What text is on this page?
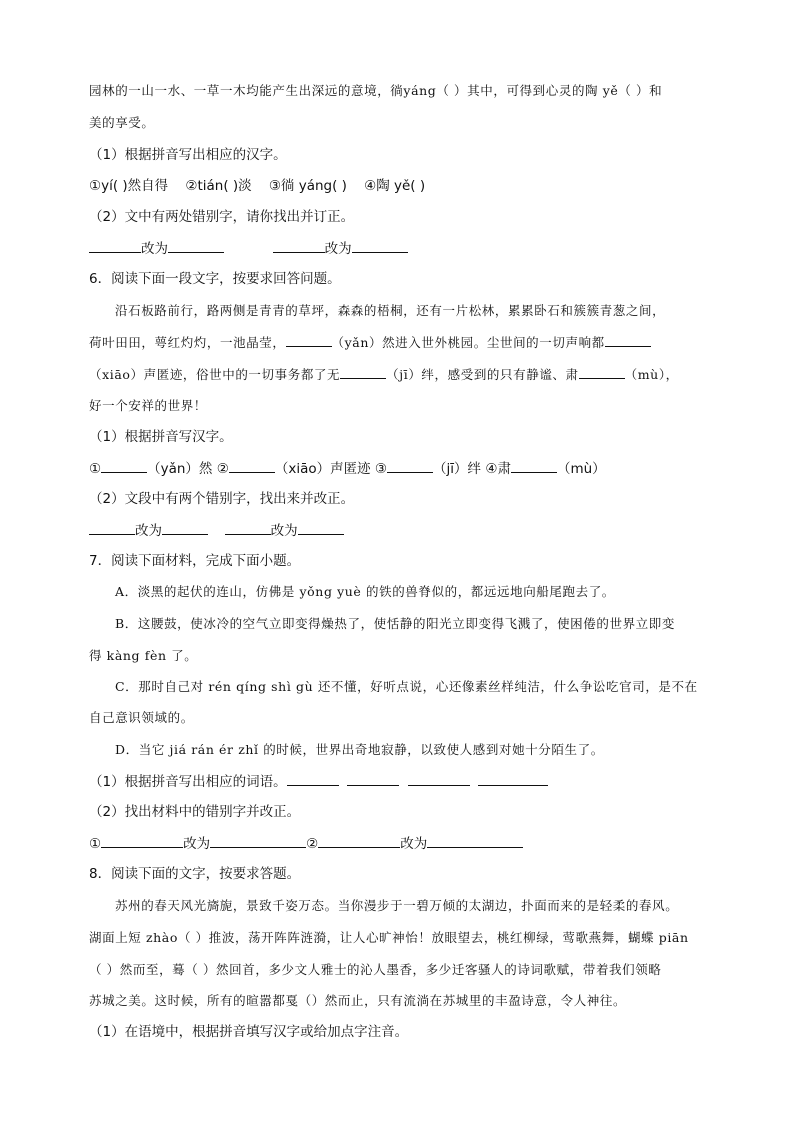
园林的一山一水、一草一木均能产生出深远的意境，徜yáng（ ）其中，可得到心灵的陶 yě（ ）和
美的享受。
（1）根据拼音写出相应的汉字。
①yí( )然自得 ②tián( )淡 ③徜 yáng( ) ④陶 yě( )
（2）文中有两处错别字，请你找出并订正。
改为	改为
6．阅读下面一段文字，按要求回答问题。
沿石板路前行，路两侧是青青的草坪，森森的梧桐，还有一片松林，累累卧石和簇簇青葱之间，
荷叶田田，萼红灼灼，一池晶莹，	（yǎn）然进入世外桃园。尘世间的一切声响都
（xiāo）声匿迹，俗世中的一切事务都了无	（jī）绊，感受到的只有静谧、肃	（mù），
好一个安祥的世界！
（1）根据拼音写汉字。
①	（yǎn）然 ②	（xiāo）声匿迹 ③	（jī）绊 ④肃	（mù）
（2）文段中有两个错别字，找出来并改正。
改为	改为
7．阅读下面材料，完成下面小题。
A．淡黑的起伏的连山，仿佛是 yǒng yuè 的铁的兽脊似的，都远远地向船尾跑去了。
B．这腰鼓，使冰冷的空气立即变得燥热了，使恬静的阳光立即变得飞溅了，使困倦的世界立即变
得 kàng fèn 了。
C．那时自己对 rén qíng shì gù 还不懂，好听点说，心还像素丝样纯洁，什么争讼吃官司，是不在
自己意识领域的。
D．当它 jiá rán ér zhǐ 的时候，世界出奇地寂静，以致使人感到对她十分陌生了。
（1）根据拼音写出相应的词语。
（2）找出材料中的错别字并改正。
①	改为	②	改为
8．阅读下面的文字，按要求答题。
苏州的春天风光旖旎，景致千姿万态。当你漫步于一碧万倾的太湖边，扑面而来的是轻柔的春风。
湖面上短 zhào（ ）推波，荡开阵阵涟漪，让人心旷神怡！放眼望去，桃红柳绿，莺歌燕舞，蝴蝶 piān
（ ）然而至，蓦（ ）然回首，多少文人雅士的沁人墨香，多少迁客骚人的诗词歌赋，带着我们领略
苏城之美。这时候，所有的暄嚣都戛（）然而止，只有流淌在苏城里的丰盈诗意，令人神往。
（1）在语境中，根据拼音填写汉字或给加点字注音。
